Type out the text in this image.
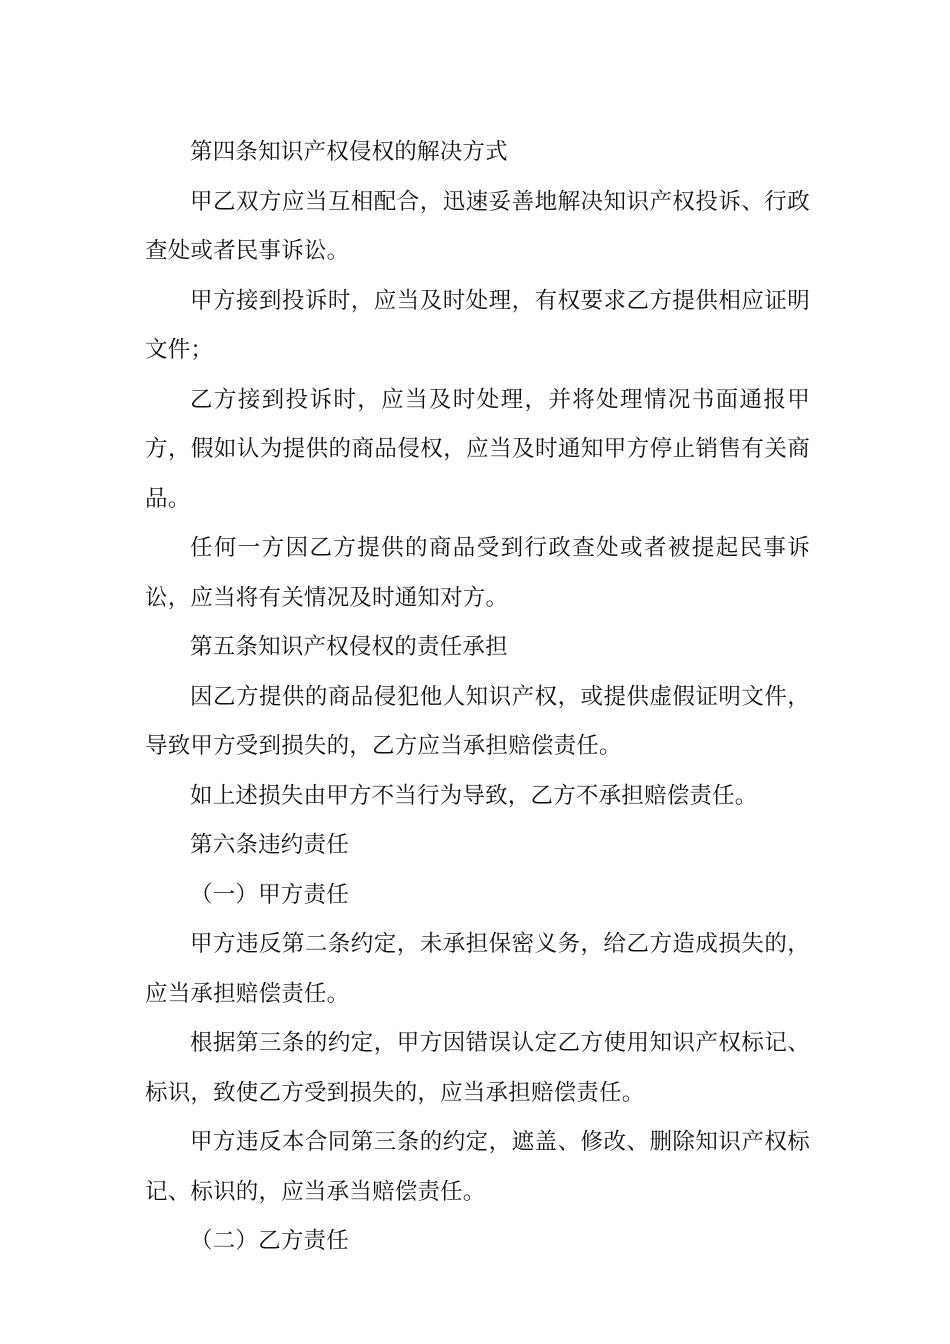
第四条知识产权侵权的解决方式

甲乙双方应当互相配合，迅速妥善地解决知识产权投诉、行政查处或者民事诉讼。

甲方接到投诉时，应当及时处理，有权要求乙方提供相应证明文件；

乙方接到投诉时，应当及时处理，并将处理情况书面通报甲方，假如认为提供的商品侵权，应当及时通知甲方停止销售有关商品。

任何一方因乙方提供的商品受到行政查处或者被提起民事诉讼，应当将有关情况及时通知对方。

第五条知识产权侵权的责任承担

因乙方提供的商品侵犯他人知识产权，或提供虚假证明文件，导致甲方受到损失的，乙方应当承担赔偿责任。

如上述损失由甲方不当行为导致，乙方不承担赔偿责任。

第六条违约责任

（一）甲方责任

甲方违反第二条约定，未承担保密义务，给乙方造成损失的，应当承担赔偿责任。

根据第三条的约定，甲方因错误认定乙方使用知识产权标记、标识，致使乙方受到损失的，应当承担赔偿责任。

甲方违反本合同第三条的约定，遮盖、修改、删除知识产权标记、标识的，应当承当赔偿责任。

（二）乙方责任
